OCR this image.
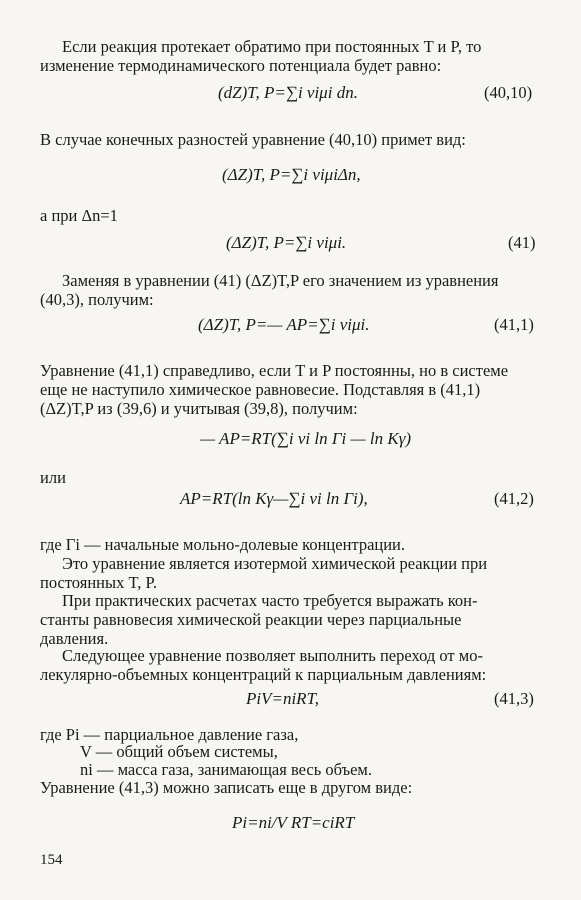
Если реакция протекает обратимо при постоянных T и P, то
изменение термодинамического потенциала будет равно:
(dZ)T, P=∑i νiμi dn.	(40,10)
В случае конечных разностей уравнение (40,10) примет вид:
(ΔZ)T, P=∑i νiμiΔn,
а при Δn=1
(ΔZ)T, P=∑i νiμi.	(41)
Заменяя в уравнении (41) (ΔZ)T,P его значением из уравнения
(40,3), получим:
(ΔZ)T, P=— AP=∑i νiμi.	(41,1)
Уравнение (41,1) справедливо, если T и P постоянны, но в системе
еще не наступило химическое равновесие. Подставляя в (41,1)
(ΔZ)T,P из (39,6) и учитывая (39,8), получим:
— AP=RT(∑i νi ln Γi — ln Kγ)
или
AP=RT(ln Kγ—∑i νi ln Γi),	(41,2)
где Γi — начальные мольно-долевые концентрации.
Это уравнение является изотермой химической реакции при
постоянных T, P.
При практических расчетах часто требуется выражать кон-
станты равновесия химической реакции через парциальные
давления.
Следующее уравнение позволяет выполнить переход от мо-
лекулярно-объемных концентраций к парциальным давлениям:
PiV=niRT,	(41,3)
где Pi — парциальное давление газа,
V — общий объем системы,
ni — масса газа, занимающая весь объем.
Уравнение (41,3) можно записать еще в другом виде:
Pi=ni/V RT=ciRT
154
